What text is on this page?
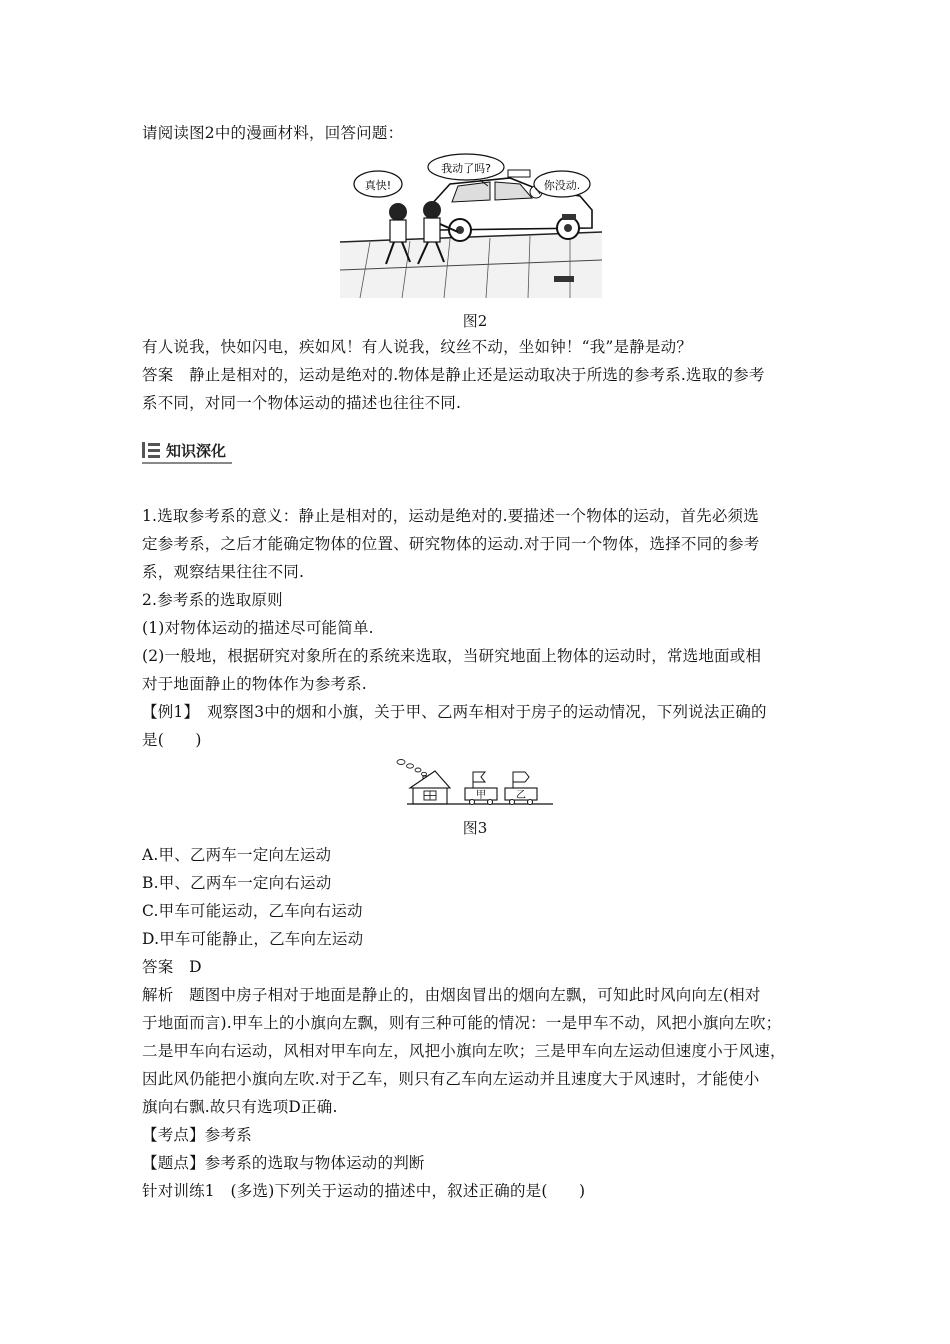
请阅读图2中的漫画材料，回答问题：
真快!
我动了吗?
你没动.
图2
有人说我，快如闪电，疾如风！有人说我，纹丝不动，坐如钟！“我”是静是动？
答案　静止是相对的，运动是绝对的.物体是静止还是运动取决于所选的参考系.选取的参考
系不同，对同一个物体运动的描述也往往不同.
知识深化
1.选取参考系的意义：静止是相对的，运动是绝对的.要描述一个物体的运动，首先必须选
定参考系，之后才能确定物体的位置、研究物体的运动.对于同一个物体，选择不同的参考
系，观察结果往往不同.
2.参考系的选取原则
(1)对物体运动的描述尽可能简单.
(2)一般地，根据研究对象所在的系统来选取，当研究地面上物体的运动时，常选地面或相
对于地面静止的物体作为参考系.
【例1】　观察图3中的烟和小旗，关于甲、乙两车相对于房子的运动情况，下列说法正确的
是(　　)
甲	乙
图3
A.甲、乙两车一定向左运动
B.甲、乙两车一定向右运动
C.甲车可能运动，乙车向右运动
D.甲车可能静止，乙车向左运动
答案　D
解析　题图中房子相对于地面是静止的，由烟囱冒出的烟向左飘，可知此时风向向左(相对
于地面而言).甲车上的小旗向左飘，则有三种可能的情况：一是甲车不动，风把小旗向左吹；
二是甲车向右运动，风相对甲车向左，风把小旗向左吹；三是甲车向左运动但速度小于风速，
因此风仍能把小旗向左吹.对于乙车，则只有乙车向左运动并且速度大于风速时，才能使小
旗向右飘.故只有选项D正确.
【考点】参考系
【题点】参考系的选取与物体运动的判断
针对训练1　(多选)下列关于运动的描述中，叙述正确的是(　　)
